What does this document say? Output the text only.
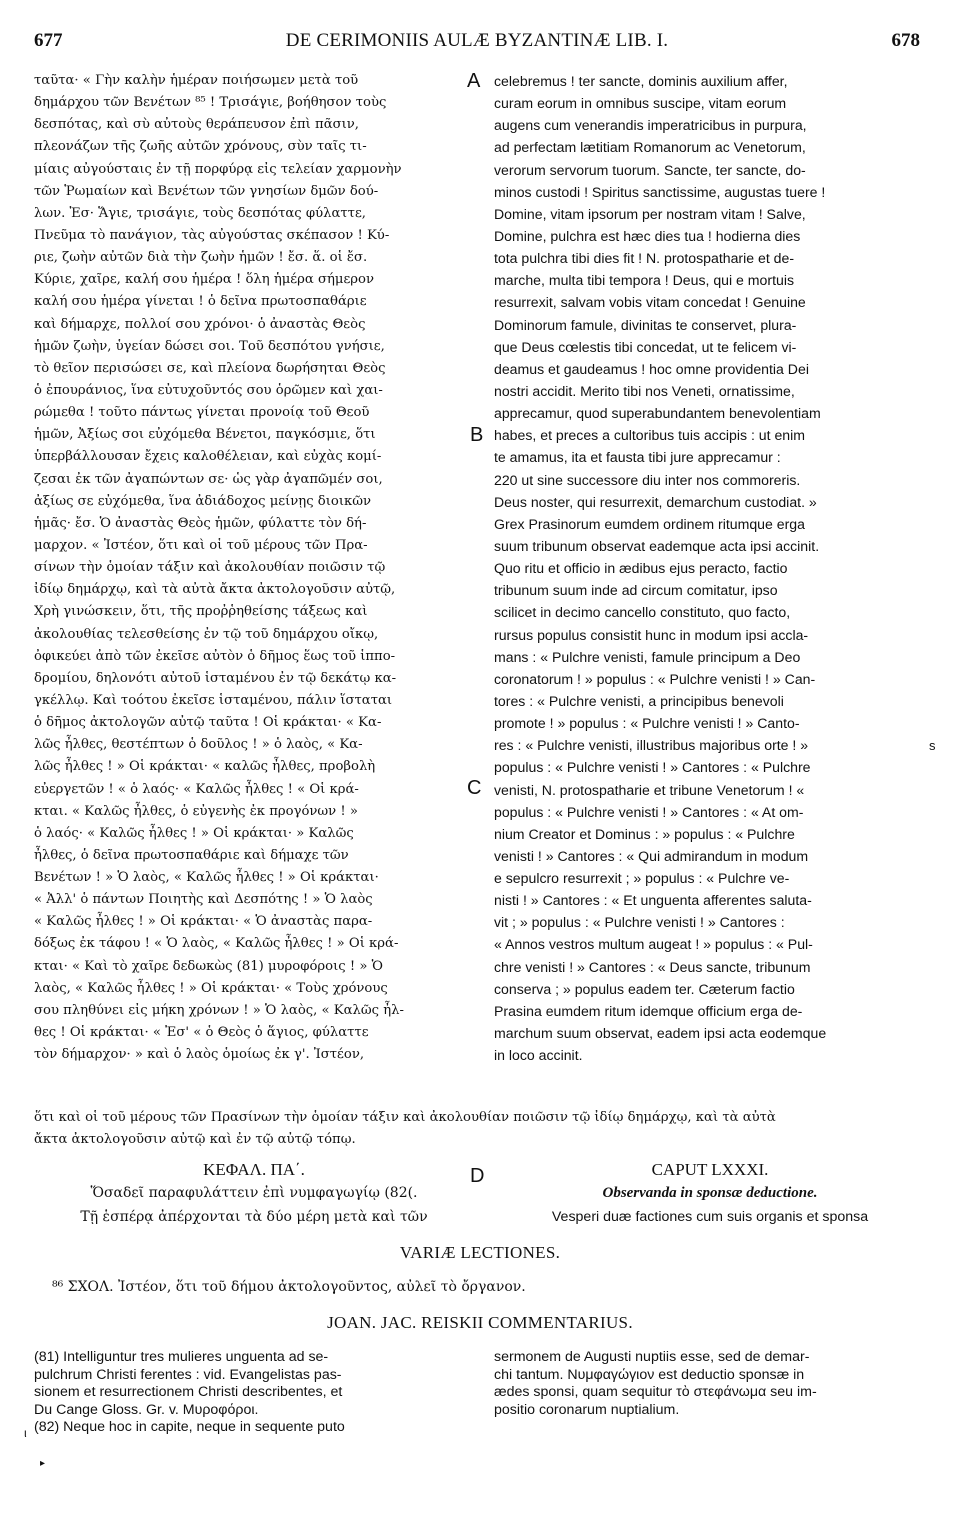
677	DE CERIMONIIS AULÆ BYZANTINÆ LIB. I.	678
ταῦτα· « Γὴν καλὴν ἡμέραν ποιήσωμεν μετὰ τοῦ
δημάρχου τῶν Βενέτων ⁸⁵ ! Τρισάγιε, βοήθησον τοὺς
δεσπότας, καὶ σὺ αὐτοὺς θεράπευσον ἐπὶ πᾶσιν,
πλεονάζων τῆς ζωῆς αὐτῶν χρόνους, σὺν ταῖς τι-
μίαις αὐγούσταις ἐν τῇ πορφύρᾳ εἰς τελείαν χαρμονὴν
τῶν Ῥωμαίων καὶ Βενέτων τῶν γνησίων δμῶν δού-
λων. Ἐσ· Ἅγιε, τρισάγιε, τοὺς δεσπότας φύλαττε,
Πνεῦμα τὸ πανάγιον, τὰς αὐγούστας σκέπασον ! Κύ-
ριε, ζωὴν αὐτῶν διὰ τὴν ζωὴν ἡμῶν ! ἔσ. ἅ. οἱ ἔσ.
Κύριε, χαῖρε, καλή σου ἡμέρα ! ὅλη ἡμέρα σήμερον
καλή σου ἡμέρα γίνεται ! ὁ δεῖνα πρωτοσπαθάριε
καὶ δήμαρχε, πολλοί σου χρόνοι· ὁ ἀναστὰς Θεὸς
ἡμῶν ζωὴν, ὑγείαν δώσει σοι. Τοῦ δεσπότου γνήσιε,
τὸ θεῖον περισώσει σε, καὶ πλείονα δωρήσηται Θεὸς
ὁ ἐπουράνιος, ἵνα εὐτυχοῦντός σου ὁρῶμεν καὶ χαι-
ρώμεθα ! τοῦτο πάντως γίνεται προνοίᾳ τοῦ Θεοῦ
ἡμῶν, Ἀξίως σοι εὐχόμεθα Βένετοι, παγκόσμιε, ὅτι
ὑπερβάλλουσαν ἔχεις καλοθέλειαν, καὶ εὐχὰς κομί-
ζεσαι ἐκ τῶν ἀγαπώντων σε· ὡς γὰρ ἀγαπῶμέν σοι,
ἀξίως σε εὐχόμεθα, ἵνα ἀδιάδοχος μείνῃς διοικῶν
ἡμᾶς· ἔσ. Ὁ ἀναστὰς Θεὸς ἡμῶν, φύλαττε τὸν δή-
μαρχον. « Ἰστέον, ὅτι καὶ οἱ τοῦ μέρους τῶν Πρα-
σίνων τὴν ὁμοίαν τάξιν καὶ ἀκολουθίαν ποιῶσιν τῷ
ἰδίῳ δημάρχῳ, καὶ τὰ αὐτὰ ἄκτα ἀκτολογοῦσιν αὐτῷ,
Χρὴ γινώσκειν, ὅτι, τῆς προῤῥηθείσης τάξεως καὶ
ἀκολουθίας τελεσθείσης ἐν τῷ τοῦ δημάρχου οἴκῳ,
ὀφικεύει ἀπὸ τῶν ἐκεῖσε αὐτὸν ὁ δῆμος ἕως τοῦ ἱππο-
δρομίου, δηλονότι αὐτοῦ ἱσταμένου ἐν τῷ δεκάτῳ κα-
γκέλλῳ. Καὶ τοότου ἐκεῖσε ἱσταμένου, πάλιν ἵσταται
ὁ δῆμος ἀκτολογῶν αὐτῷ ταῦτα ! Οἱ κράκται· « Κα-
λῶς ἦλθες, θεστέπτων ὁ δοῦλος ! » ὁ λαὸς, « Κα-
λῶς ἦλθες ! » Οἱ κράκται· « καλῶς ἦλθες, προβολὴ
εὐεργετῶν ! « ὁ λαός· « Καλῶς ἦλθες ! « Οἱ κρά-
κται. « Καλῶς ἦλθες, ὁ εὐγενὴς ἐκ προγόνων ! »
ὁ λαός· « Καλῶς ἦλθες ! » Οἱ κράκται· » Καλῶς
ἦλθες, ὁ δεῖνα πρωτοσπαθάριε καὶ δήμαχε τῶν
Βενέτων ! » Ὁ λαὸς, « Καλῶς ἦλθες ! » Οἱ κράκται·
« Ἀλλ' ὁ πάντων Ποιητὴς καὶ Δεσπότης ! » Ὁ λαὸς
« Καλῶς ἦλθες ! » Οἱ κράκται· « Ὁ ἀναστὰς παρα-
δόξως ἐκ τάφου ! « Ὁ λαὸς, « Καλῶς ἦλθες ! » Οἱ κρά-
κται· « Καὶ τὸ χαῖρε δεδωκὼς (81) μυροφόροις ! » Ὁ
λαὸς, « Καλῶς ἦλθες ! » Οἱ κράκται· « Τοὺς χρόνους
σου πληθύνει εἰς μήκη χρόνων ! » Ὁ λαὸς, « Καλῶς ἦλ-
θες ! Οἱ κράκται· « Ἐσ' « ὁ Θεὸς ὁ ἅγιος, φύλαττε
τὸν δήμαρχον· » καὶ ὁ λαὸς ὁμοίως ἐκ γ'. Ἰστέον,
celebremus ! ter sancte, dominis auxilium affer,
curam eorum in omnibus suscipe, vitam eorum
augens cum venerandis imperatricibus in purpura,
ad perfectam lætitiam Romanorum ac Venetorum,
verorum servorum tuorum. Sancte, ter sancte, do-
minos custodi ! Spiritus sanctissime, augustas tuere !
Domine, vitam ipsorum per nostram vitam ! Salve,
Domine, pulchra est hæc dies tua ! hodierna dies
tota pulchra tibi dies fit ! N. protospatharie et de-
marche, multa tibi tempora ! Deus, qui e mortuis
resurrexit, salvam vobis vitam concedat ! Genuine
Dominorum famule, divinitas te conservet, plura-
que Deus cœlestis tibi concedat, ut te felicem vi-
deamus et gaudeamus ! hoc omne providentia Dei
nostri accidit. Merito tibi nos Veneti, ornatissime,
apprecamur, quod superabundantem benevolentiam
habes, et preces a cultoribus tuis accipis : ut enim
te amamus, ita et fausta tibi jure apprecamur :
220 ut sine successore diu inter nos commoreris.
Deus noster, qui resurrexit, demarchum custodiat. »
Grex Prasinorum eumdem ordinem ritumque erga
suum tribunum observat eademque acta ipsi accinit.
Quo ritu et officio in ædibus ejus peracto, factio
tribunum suum inde ad circum comitatur, ipso
scilicet in decimo cancello constituto, quo facto,
rursus populus consistit hunc in modum ipsi accla-
mans : « Pulchre venisti, famule principum a Deo
coronatorum ! » populus : « Pulchre venisti ! » Can-
tores : « Pulchre venisti, a principibus benevoli
promote ! » populus : « Pulchre venisti ! » Canto-
res : « Pulchre venisti, illustribus majoribus orte ! »
populus : « Pulchre venisti ! » Cantores : « Pulchre
venisti, N. protospatharie et tribune Venetorum ! «
populus : « Pulchre venisti ! » Cantores : « At om-
nium Creator et Dominus : » populus : « Pulchre
venisti ! » Cantores : « Qui admirandum in modum
e sepulcro resurrexit ; » populus : « Pulchre ve-
nisti ! » Cantores : « Et unguenta afferentes saluta-
vit ; » populus : « Pulchre venisti ! » Cantores :
« Annos vestros multum augeat ! » populus : « Pul-
chre venisti ! » Cantores : « Deus sancte, tribunum
conserva ; » populus eadem ter. Cæterum factio
Prasina eumdem ritum idemque officium erga de-
marchum suum observat, eadem ipsi acta eodemque
in loco accinit.
A
B
C
D
s
ὅτι καὶ οἱ τοῦ μέρους τῶν Πρασίνων τὴν ὁμοίαν τάξιν καὶ ἀκολουθίαν ποιῶσιν τῷ ἰδίῳ δημάρχῳ, καὶ τὰ αὐτὰ
ἄκτα ἀκτολογοῦσιν αὐτῷ καὶ ἐν τῷ αὐτῷ τόπῳ.
ΚΕΦΑΛ. ΠΑ΄.
Ὅσαδεῖ παραφυλάττειν ἐπὶ νυμφαγωγίῳ (82(.
Τῇ ἑσπέρᾳ ἀπέρχονται τὰ δύο μέρη μετὰ καὶ τῶν
CAPUT LXXXI.
Observanda in sponsæ deductione.
Vesperi duæ factiones cum suis organis et sponsa
VARIÆ LECTIONES.
⁸⁶ ΣΧΟΛ. Ἰστέον, ὅτι τοῦ δήμου ἀκτολογοῦντος, αὐλεῖ τὸ ὄργανον.
JOAN. JAC. REISKII COMMENTARIUS.
(81) Intelliguntur tres mulieres unguenta ad se-
pulchrum Christi ferentes : vid. Evangelistas pas-
sionem et resurrectionem Christi describentes, et
Du Cange Gloss. Gr. v. Μυροφόροι.
(82) Neque hoc in capite, neque in sequente puto
ι
sermonem de Augusti nuptiis esse, sed de demar-
chi tantum. Νυμφαγώγιον est deductio sponsæ in
ædes sponsi, quam sequitur τὸ στεφάνωμα seu im-
positio coronarum nuptialium.
▸
